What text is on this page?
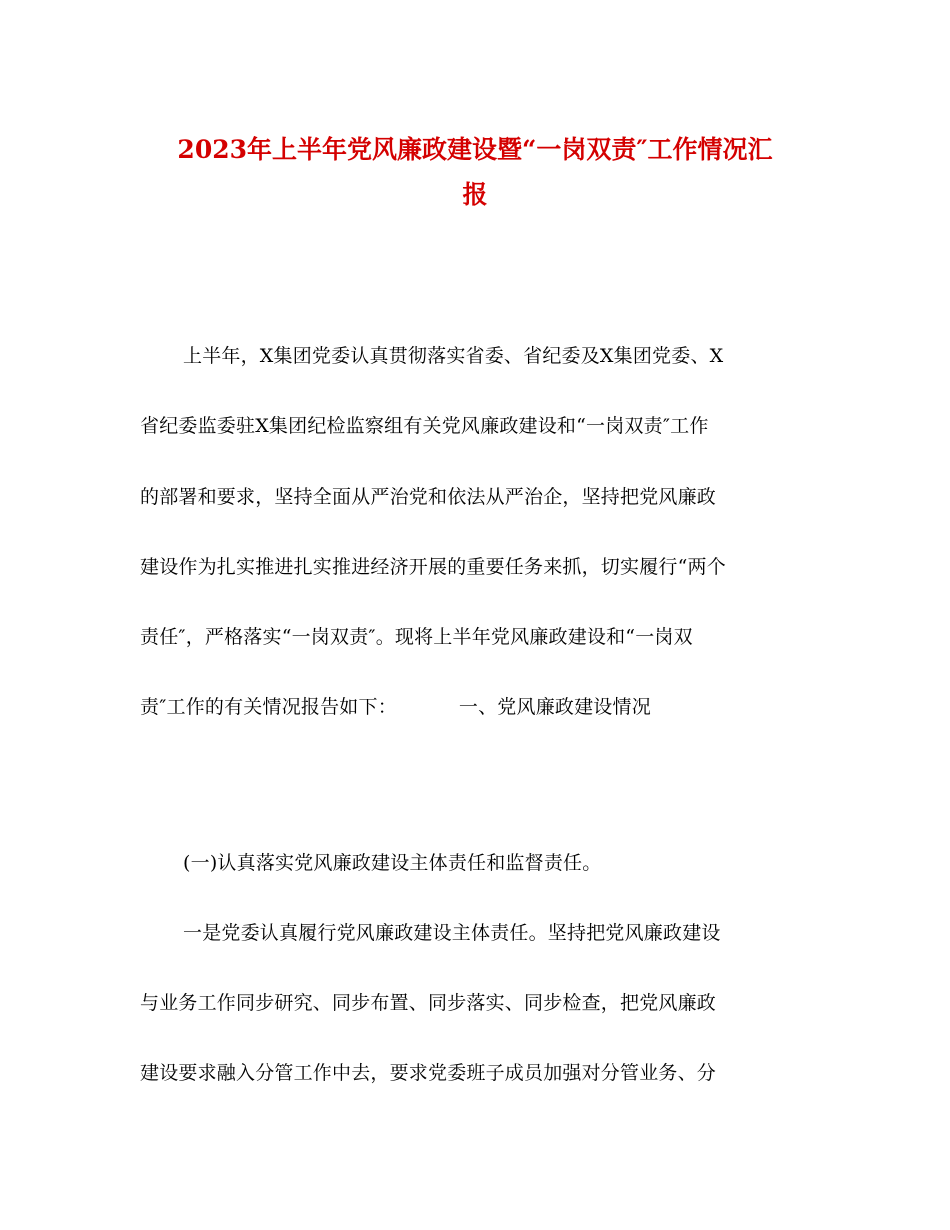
2023年上半年党风廉政建设暨“一岗双责″工作情况汇
报
上半年，X集团党委认真贯彻落实省委、省纪委及X集团党委、X
省纪委监委驻X集团纪检监察组有关党风廉政建设和“一岗双责″工作
的部署和要求，坚持全面从严治党和依法从严治企，坚持把党风廉政
建设作为扎实推进扎实推进经济开展的重要任务来抓，切实履行“两个
责任″，严格落实“一岗双责″。现将上半年党风廉政建设和“一岗双
责″工作的有关情况报告如下：	一、党风廉政建设情况
(一)认真落实党风廉政建设主体责任和监督责任。
一是党委认真履行党风廉政建设主体责任。坚持把党风廉政建设
与业务工作同步研究、同步布置、同步落实、同步检查，把党风廉政
建设要求融入分管工作中去，要求党委班子成员加强对分管业务、分
